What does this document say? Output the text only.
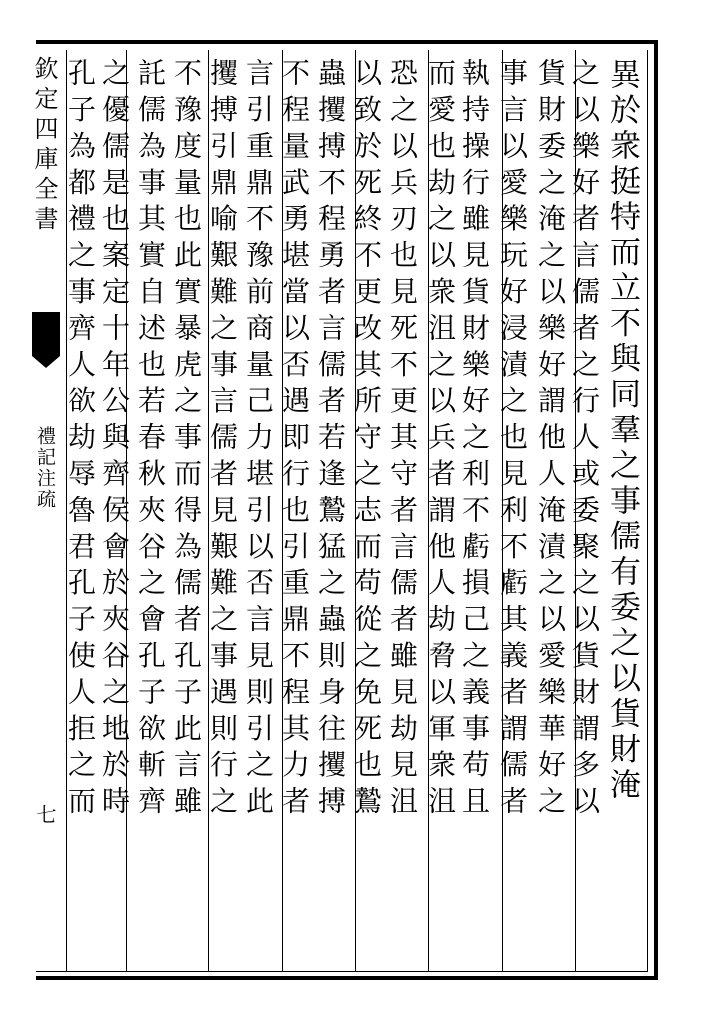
欽定四庫全書
禮記注疏
七
異於衆挺特而立不與同羣之事儒有委之以貨財淹
之以樂好者言儒者之行人或委聚之以貨財謂多以
貨財委之淹之以樂好謂他人淹漬之以愛樂華好之
事言以愛樂玩好浸漬之也見利不虧其義者謂儒者
執持操行雖見貨財樂好之利不虧損己之義事苟且
而愛也劫之以衆沮之以兵者謂他人劫脅以軍衆沮
恐之以兵刃也見死不更其守者言儒者雖見劫見沮
以致於死終不更改其所守之志而苟從之免死也鷙
蟲攫搏不程勇者言儒者若逢鷙猛之蟲則身往攫搏
不程量武勇堪當以否遇即行也引重鼎不程其力者
言引重鼎不豫前商量己力堪引以否言見則引之此
攫搏引鼎喻艱難之事言儒者見艱難之事遇則行之
不豫度量也此實暴虎之事而得為儒者孔子此言雖
託儒為事其實自述也若春秋夾谷之會孔子欲斬齊
之優儒是也案定十年公與齊侯會於夾谷之地於時
孔子為都禮之事齊人欲劫辱魯君孔子使人拒之而
